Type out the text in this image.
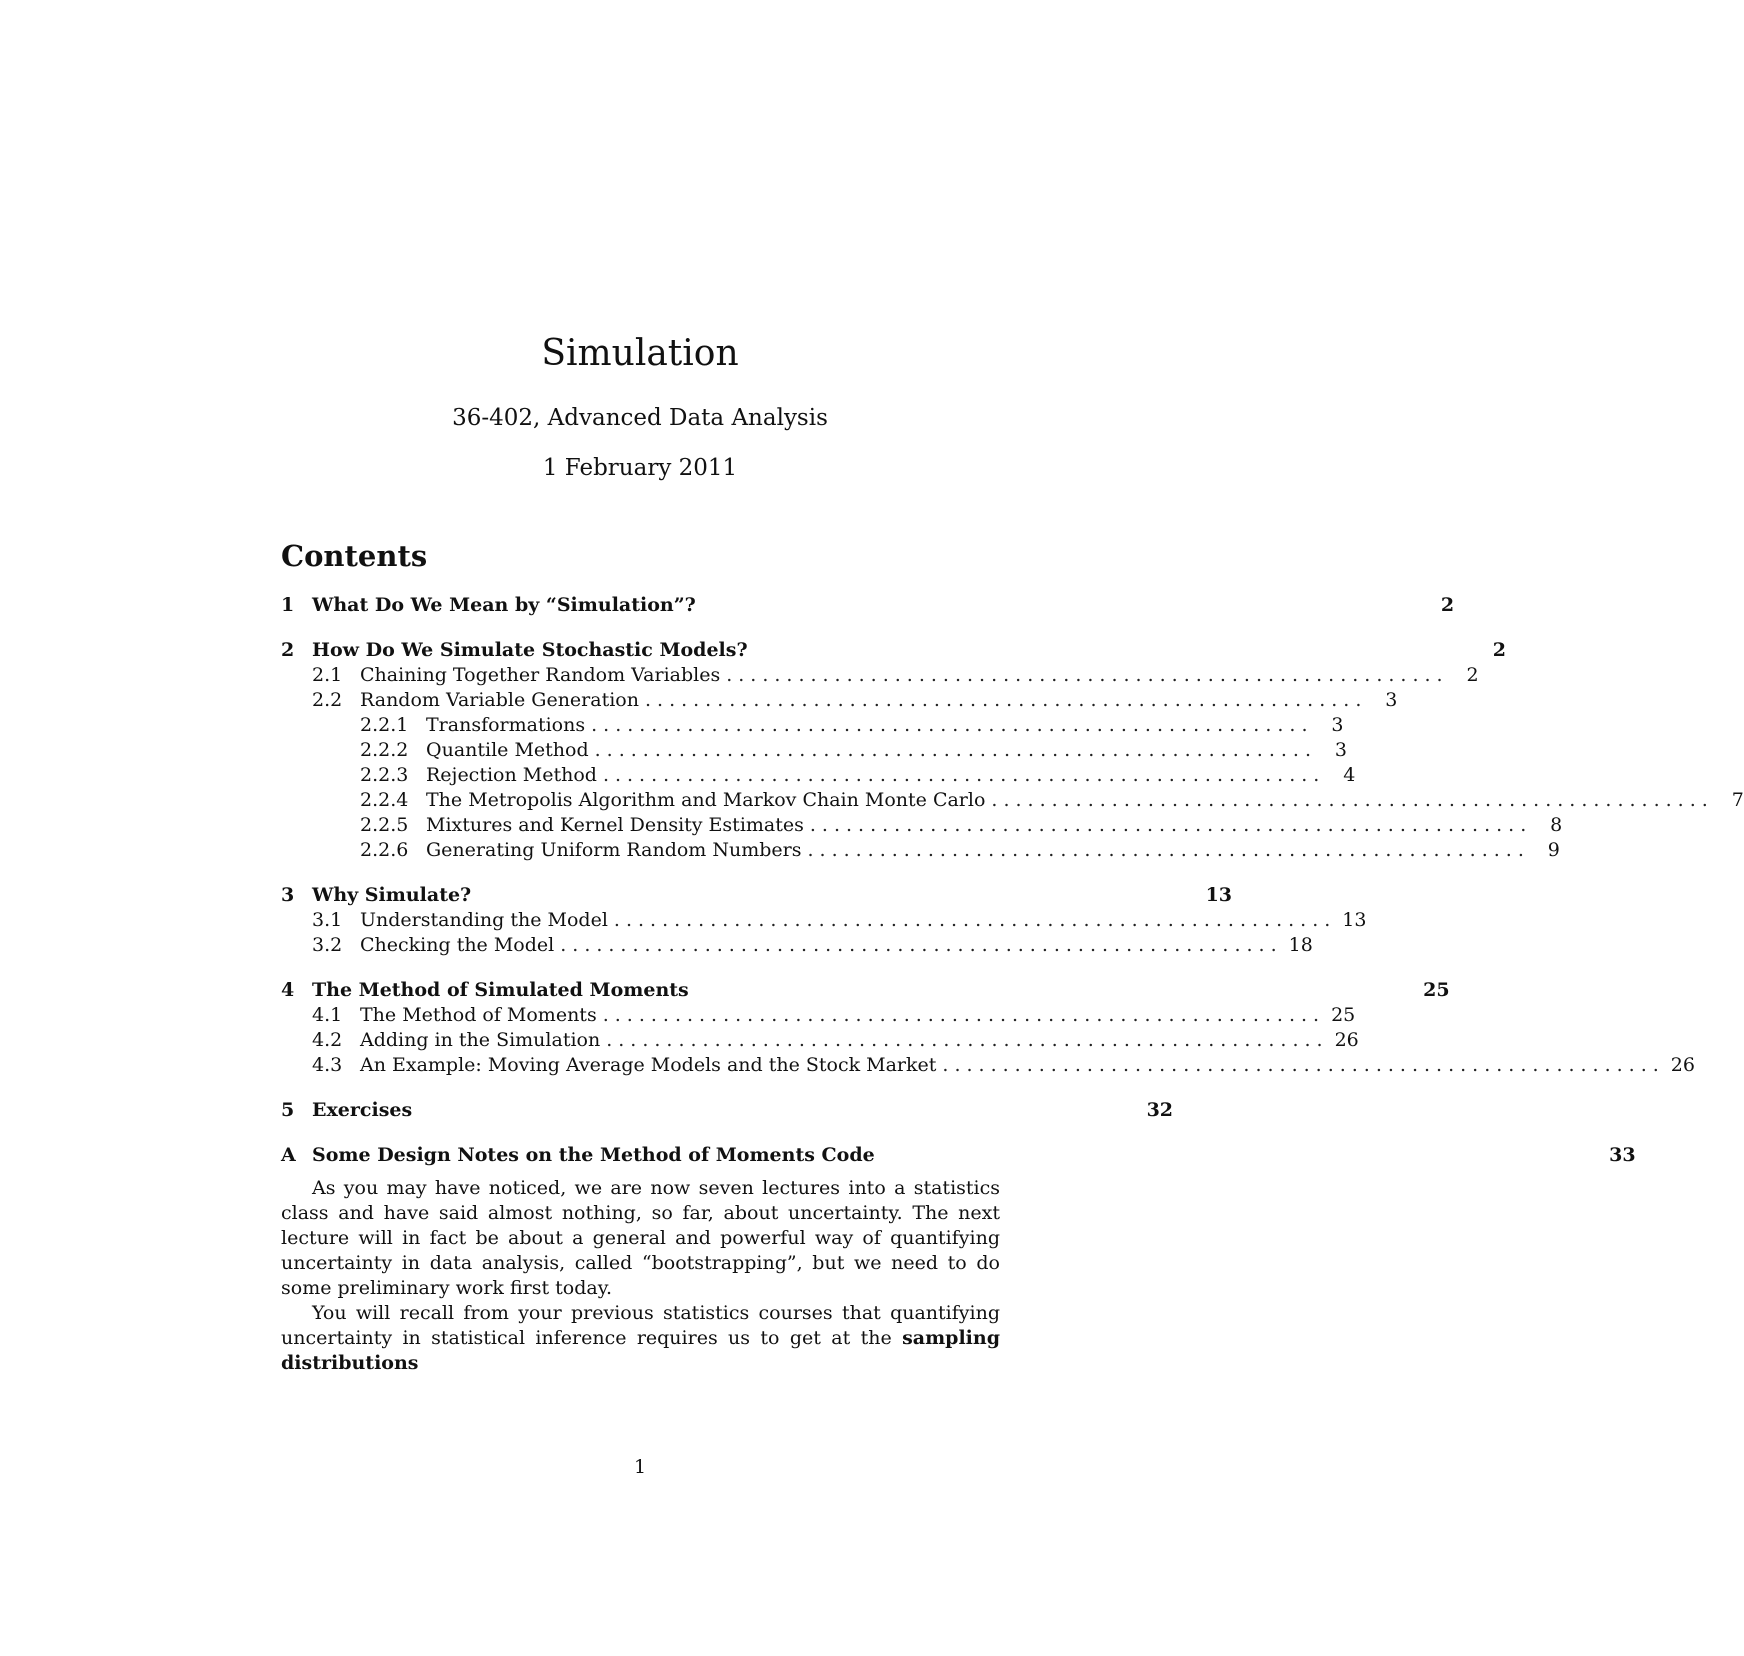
Simulation
36-402, Advanced Data Analysis
1 February 2011
Contents
1 What Do We Mean by “Simulation”?	2
2 How Do We Simulate Stochastic Models?	2
2.1 Chaining Together Random Variables ............................................................ 2
2.2 Random Variable Generation ............................................................ 3
2.2.1 Transformations ............................................................ 3
2.2.2 Quantile Method ............................................................ 3
2.2.3 Rejection Method ............................................................ 4
2.2.4 The Metropolis Algorithm and Markov Chain Monte Carlo ............................................................ 7
2.2.5 Mixtures and Kernel Density Estimates ............................................................ 8
2.2.6 Generating Uniform Random Numbers ............................................................ 9
3 Why Simulate?	13
3.1 Understanding the Model ............................................................ 13
3.2 Checking the Model ............................................................ 18
4 The Method of Simulated Moments	25
4.1 The Method of Moments ............................................................ 25
4.2 Adding in the Simulation ............................................................ 26
4.3 An Example: Moving Average Models and the Stock Market ............................................................ 26
5 Exercises	32
A Some Design Notes on the Method of Moments Code	33

As you may have noticed, we are now seven lectures into a statistics class and have said almost nothing, so far, about uncertainty. The next lecture will in fact be about a general and powerful way of quantifying uncertainty in data analysis, called “bootstrapping”, but we need to do some preliminary work first today.

You will recall from your previous statistics courses that quantifying uncertainty in statistical inference requires us to get at the sampling distributions

1
